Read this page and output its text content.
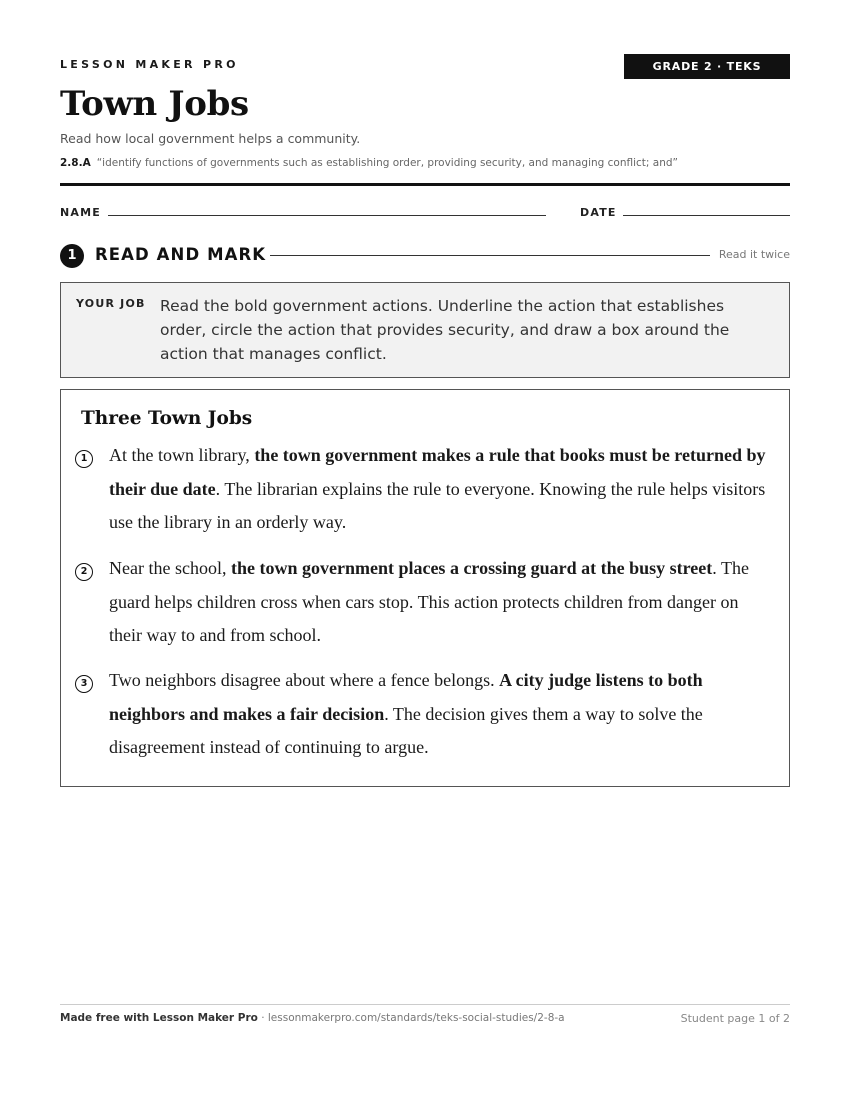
LESSON MAKER PRO	GRADE 2 · TEKS 2.8.A
Town Jobs
Read how local government helps a community.
2.8.A “identify functions of governments such as establishing order, providing security, and managing conflict; and”
NAME	DATE
1	READ AND MARK	Read it twice
YOUR JOB Read the bold government actions. Underline the action that establishes order, circle the action that provides security, and draw a box around the action that manages conflict.
Three Town Jobs
1	At the town library, the town government makes a rule that books must be returned by their due date. The librarian explains the rule to everyone. Knowing the rule helps visitors use the library in an orderly way.
2	Near the school, the town government places a crossing guard at the busy street. The guard helps children cross when cars stop. This action protects children from danger on their way to and from school.
3	Two neighbors disagree about where a fence belongs. A city judge listens to both neighbors and makes a fair decision. The decision gives them a way to solve the disagreement instead of continuing to argue.
Made free with Lesson Maker Pro · lessonmakerpro.com/standards/teks-social-studies/2-8-a	Student page 1 of 2
